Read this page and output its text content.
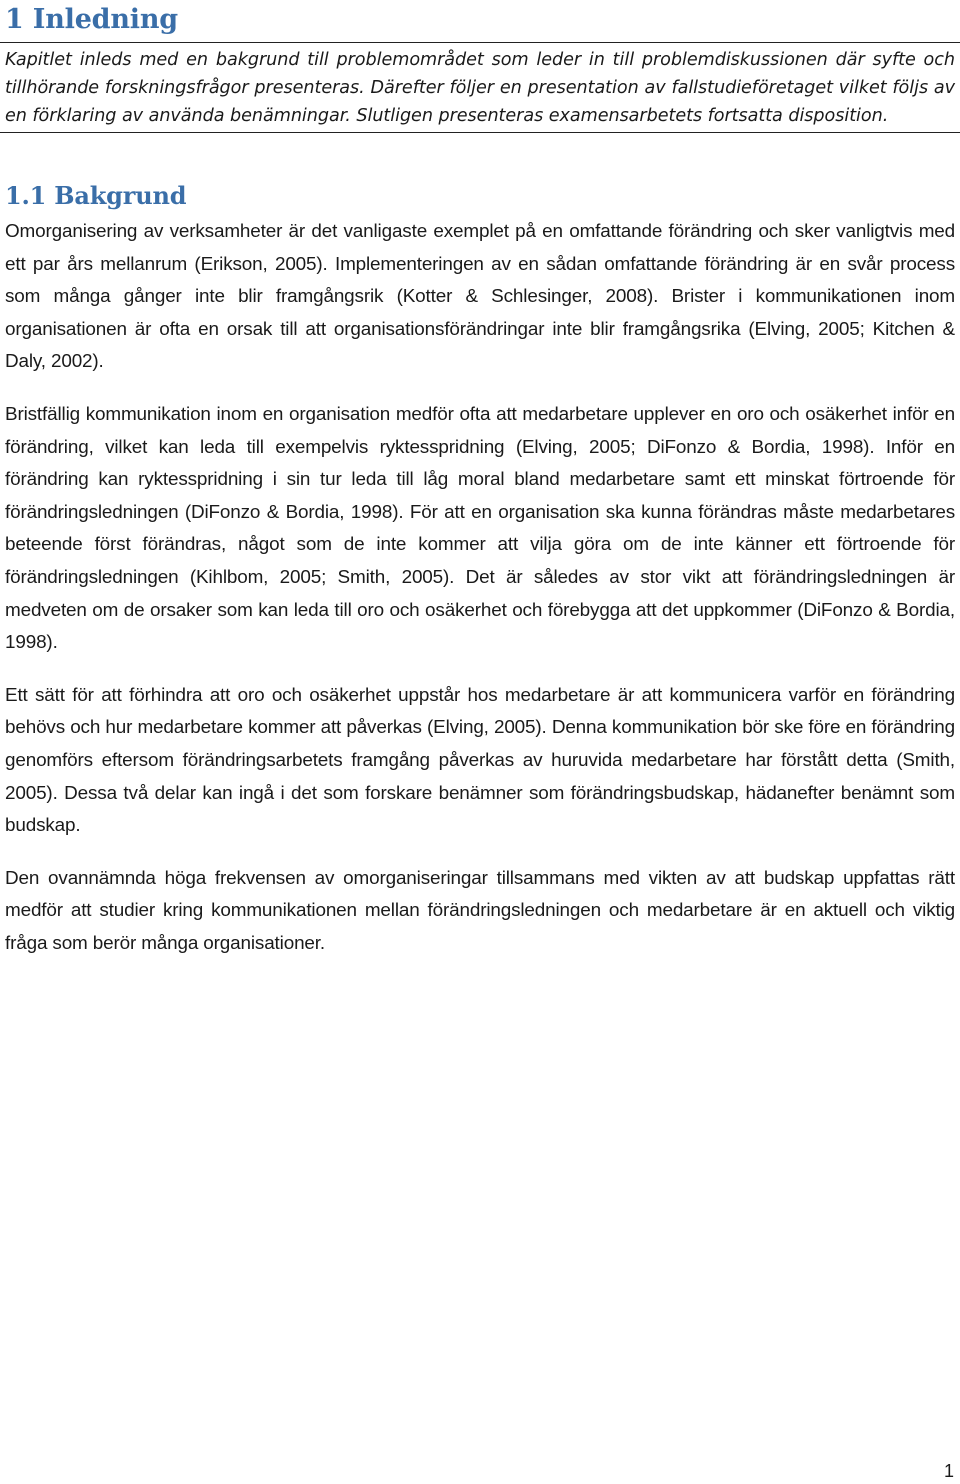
1 Inledning

Kapitlet inleds med en bakgrund till problemområdet som leder in till problemdiskussionen där syfte och tillhörande forskningsfrågor presenteras. Därefter följer en presentation av fallstudieföretaget vilket följs av en förklaring av använda benämningar. Slutligen presenteras examensarbetets fortsatta disposition.

1.1 Bakgrund

Omorganisering av verksamheter är det vanligaste exemplet på en omfattande förändring och sker vanligtvis med ett par års mellanrum (Erikson, 2005). Implementeringen av en sådan omfattande förändring är en svår process som många gånger inte blir framgångsrik (Kotter & Schlesinger, 2008). Brister i kommunikationen inom organisationen är ofta en orsak till att organisationsförändringar inte blir framgångsrika (Elving, 2005; Kitchen & Daly, 2002).

Bristfällig kommunikation inom en organisation medför ofta att medarbetare upplever en oro och osäkerhet inför en förändring, vilket kan leda till exempelvis ryktesspridning (Elving, 2005; DiFonzo & Bordia, 1998). Inför en förändring kan ryktesspridning i sin tur leda till låg moral bland medarbetare samt ett minskat förtroende för förändringsledningen (DiFonzo & Bordia, 1998). För att en organisation ska kunna förändras måste medarbetares beteende först förändras, något som de inte kommer att vilja göra om de inte känner ett förtroende för förändringsledningen (Kihlbom, 2005; Smith, 2005). Det är således av stor vikt att förändringsledningen är medveten om de orsaker som kan leda till oro och osäkerhet och förebygga att det uppkommer (DiFonzo & Bordia, 1998).

Ett sätt för att förhindra att oro och osäkerhet uppstår hos medarbetare är att kommunicera varför en förändring behövs och hur medarbetare kommer att påverkas (Elving, 2005). Denna kommunikation bör ske före en förändring genomförs eftersom förändringsarbetets framgång påverkas av huruvida medarbetare har förstått detta (Smith, 2005). Dessa två delar kan ingå i det som forskare benämner som förändringsbudskap, hädanefter benämnt som budskap.

Den ovannämnda höga frekvensen av omorganiseringar tillsammans med vikten av att budskap uppfattas rätt medför att studier kring kommunikationen mellan förändringsledningen och medarbetare är en aktuell och viktig fråga som berör många organisationer.

1
